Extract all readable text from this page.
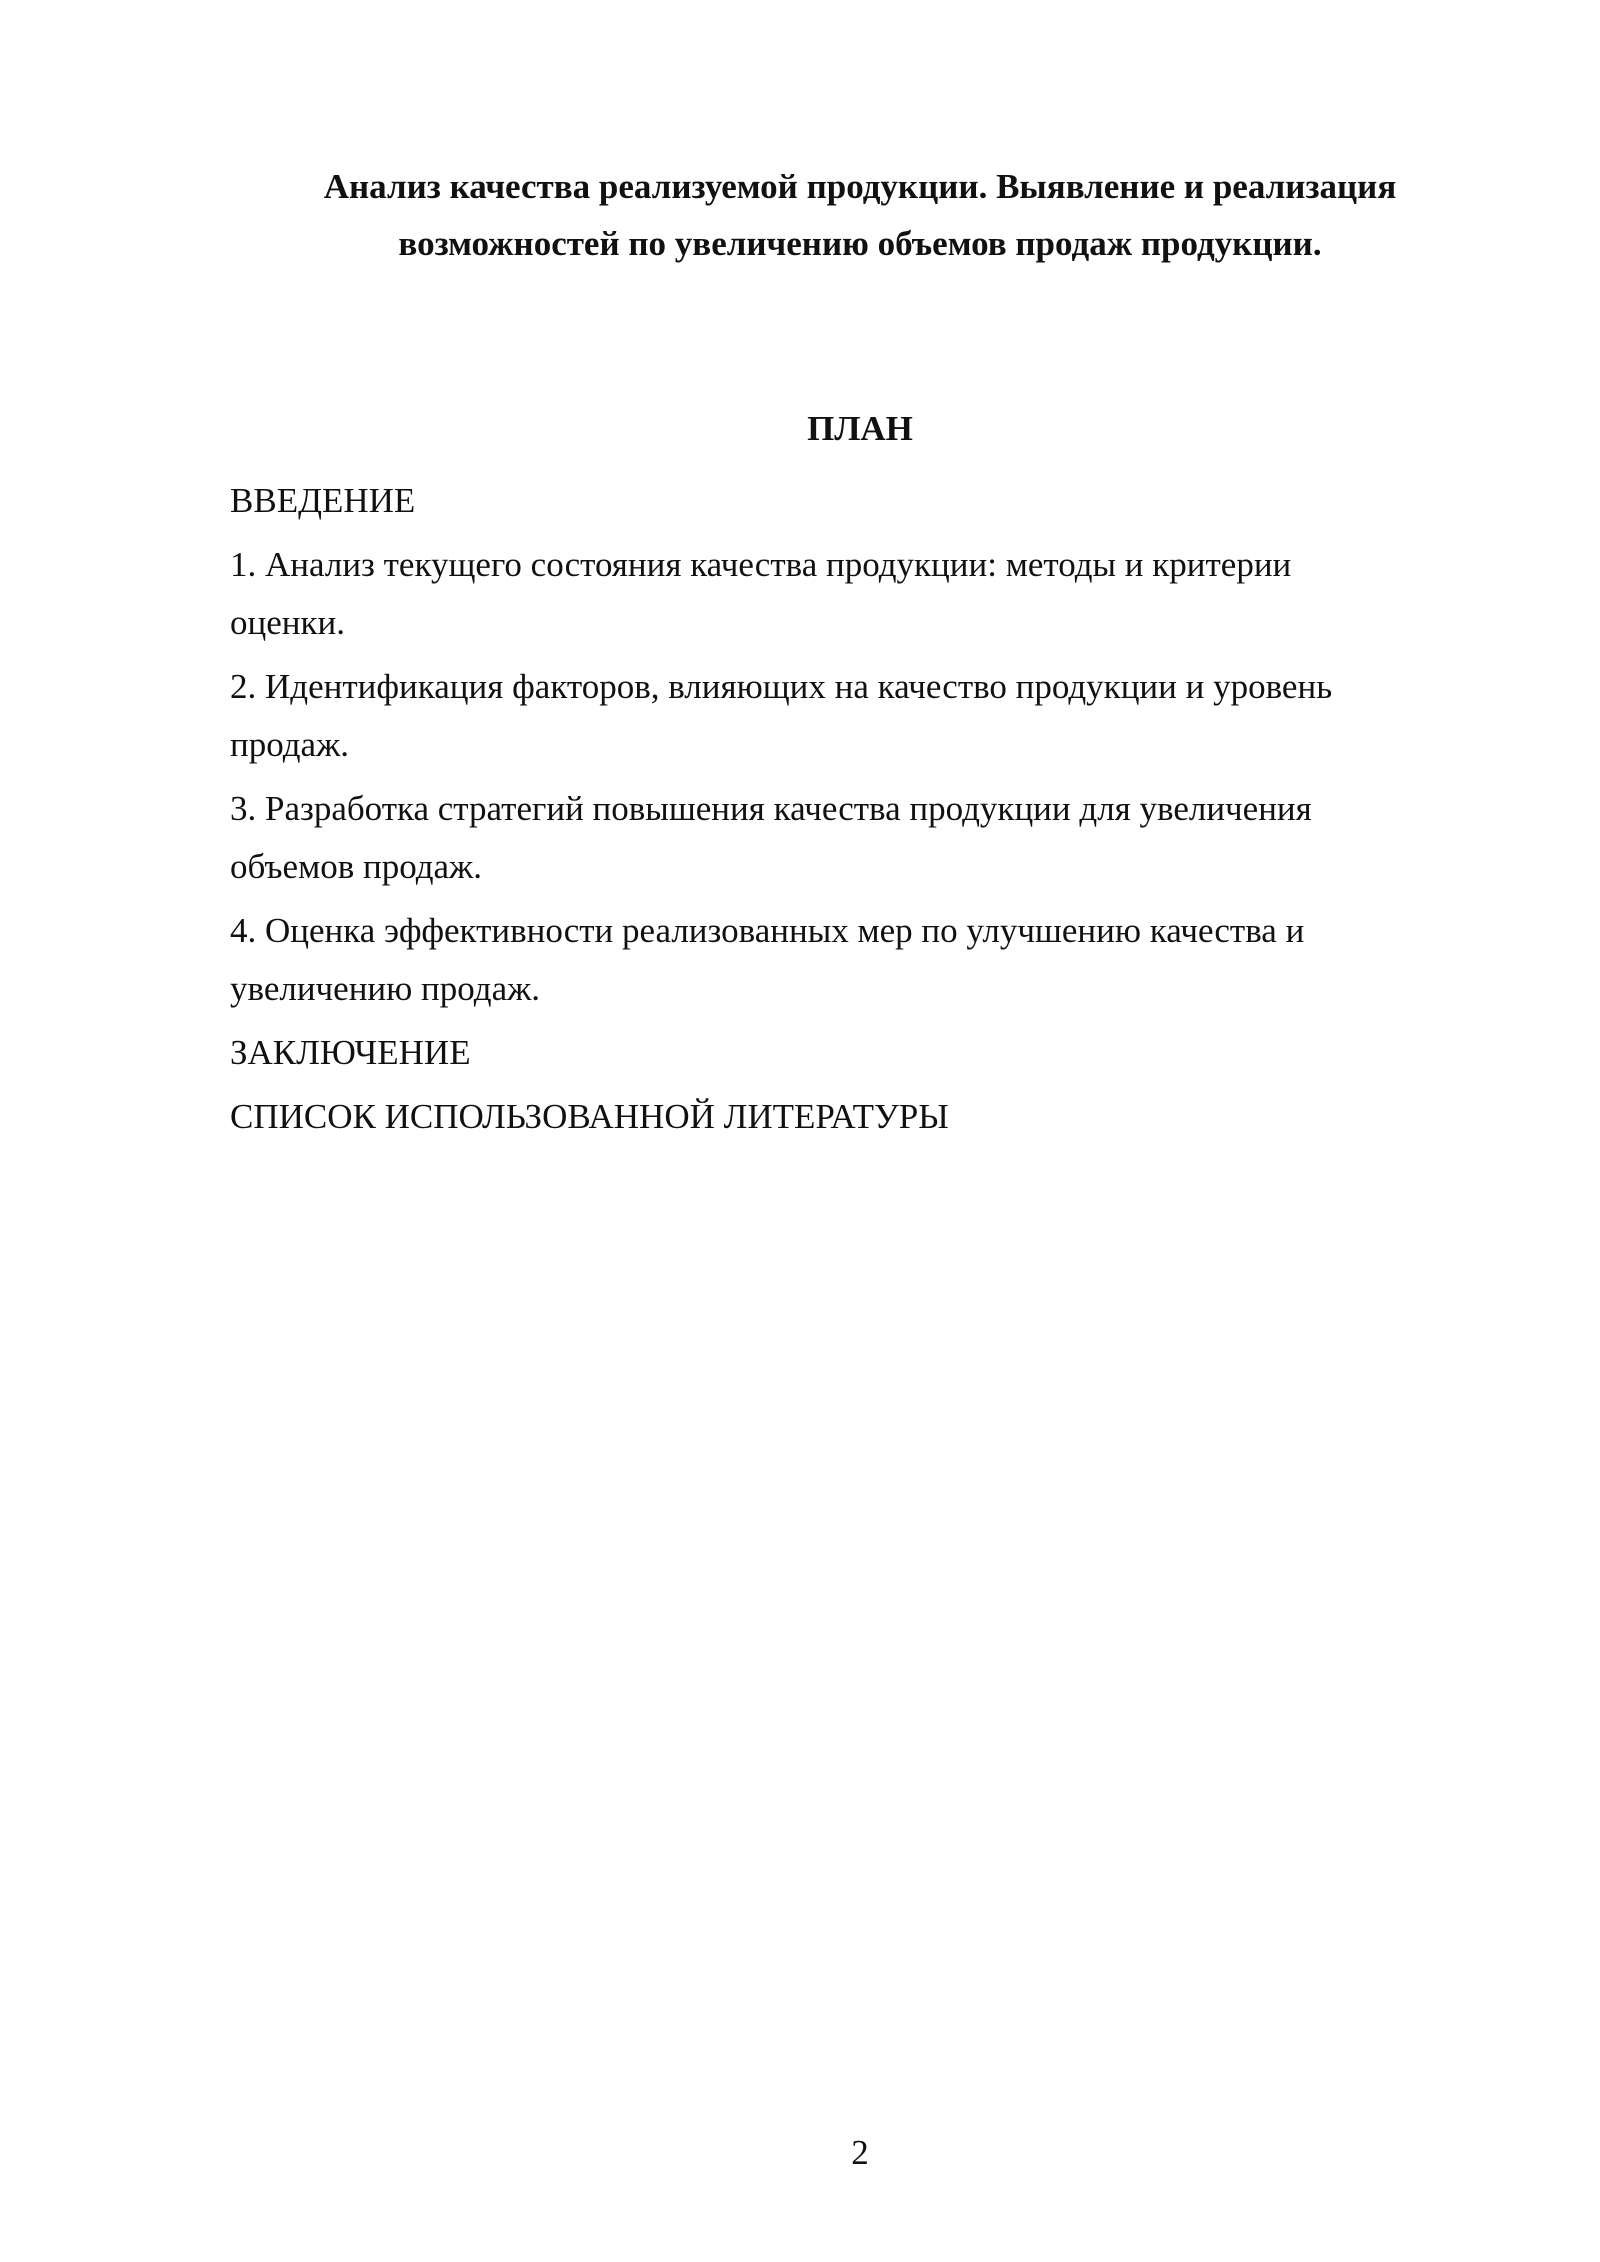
Анализ качества реализуемой продукции. Выявление и реализация
возможностей по увеличению объемов продаж продукции.
ПЛАН
ВВЕДЕНИЕ
1. Анализ текущего состояния качества продукции: методы и критерии
оценки.
2. Идентификация факторов, влияющих на качество продукции и уровень
продаж.
3. Разработка стратегий повышения качества продукции для увеличения
объемов продаж.
4. Оценка эффективности реализованных мер по улучшению качества и
увеличению продаж.
ЗАКЛЮЧЕНИЕ
СПИСОК ИСПОЛЬЗОВАННОЙ ЛИТЕРАТУРЫ
2
